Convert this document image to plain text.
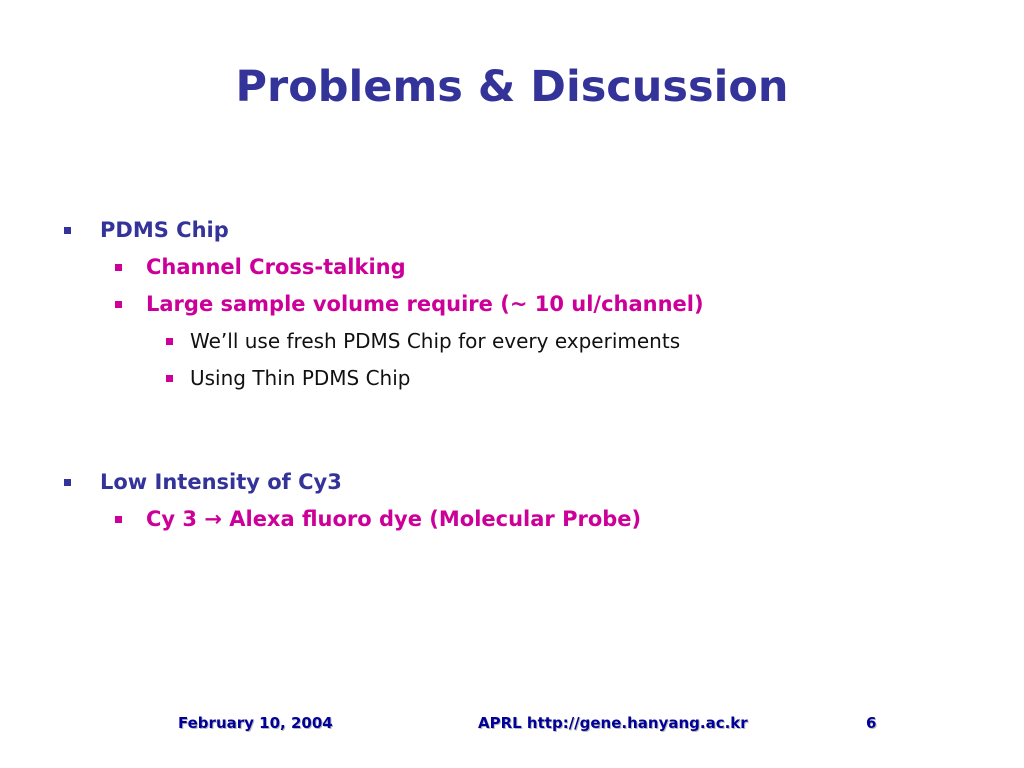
Problems & Discussion
PDMS Chip
Channel Cross-talking
Large sample volume require (~ 10 ul/channel)
We’ll use fresh PDMS Chip for every experiments
Using Thin PDMS Chip
Low Intensity of Cy3
Cy 3 → Alexa fluoro dye (Molecular Probe)
February 10, 2004	APRL http://gene.hanyang.ac.kr	6
